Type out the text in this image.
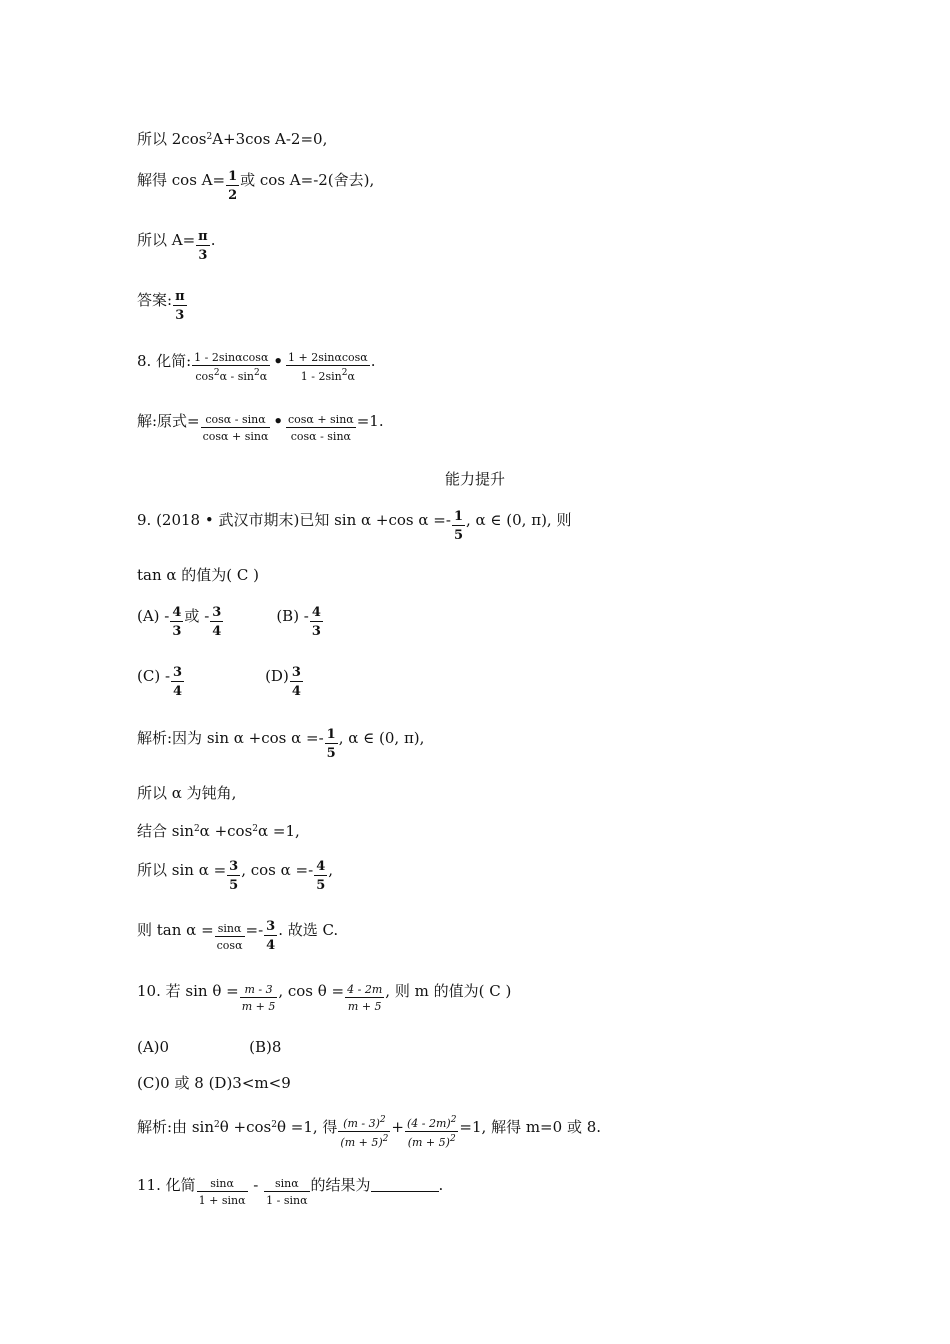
所以 $2\cos^2A+3\cos$ A-2=0,
解得 $\cos A= \frac{1}{2}$ 或 cos A=-2(舍去),
所以 $A= \frac{\pi}{3}$ .
答案: $\frac{\pi}{3}$
8. 化简: $\frac{1 - 2\sin\alpha\cos\alpha}{\cos^2\alpha - \sin^2\alpha}$ • $\frac{1 + 2\sin\alpha\cos\alpha}{1 - 2\sin^2\alpha}$ .
解:原式= $\frac{\cos\alpha - \sin\alpha}{\cos\alpha + \sin\alpha}$ • $\frac{\cos\alpha + \sin\alpha}{\cos\alpha - \sin\alpha} =1$.
能力提升
9. (2018 • 武汉市期末)已知 sin α +cos $\alpha =- \frac{1}{5}$ , α ∈ (0, π), 则
tan α 的值为( C )
$(A) - \frac{4}{3}$ 或 - $\frac{3}{4}$	$(B) - \frac{4}{3}$
$(C) - \frac{3}{4}$	$(D) \frac{3}{4}$
解析:因为 sin α +cos $\alpha =- \frac{1}{5}$ , α ∈ (0, π),
所以 α 为钝角,
结合 $\sin^2\alpha +\cos^2\alpha =1$,
所以 $\sin \alpha = \frac{3}{5}$ , $\cos \alpha =- \frac{4}{5}$ ,
则 $\tan \alpha = \frac{\sin\alpha}{\cos\alpha} =- \frac{3}{4}$ . 故选 C.
10. 若 $\sin \theta = \frac{m - 3}{m + 5}$ , $\cos \theta = \frac{4 - 2m}{m + 5}$ , 则 m 的值为( C )
(A)0	(B)8
(C)0 或 8 (D)3<m<9
解析:由 $\sin^2\theta +\cos^2\theta =1$, 得 $\frac{(m - 3)^2}{(m + 5)^2} + \frac{(4 - 2m)^2}{(m + 5)^2} =1$, 解得 m=0 或 8.
11. 化简 $\frac{\sin\alpha}{1 + \sin\alpha} - \frac{\sin\alpha}{1 - \sin\alpha}$ 的结果为	.
